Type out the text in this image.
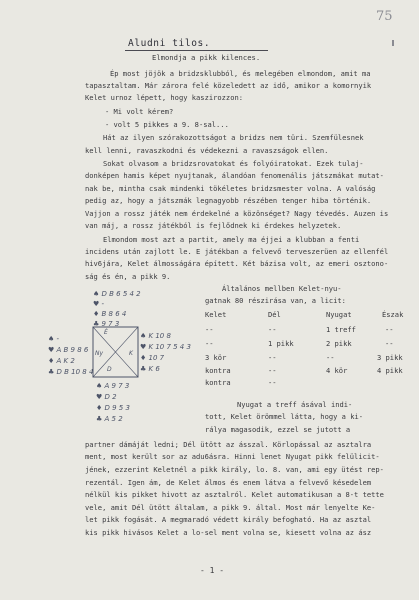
75
Aludni tilos.
Elmondja a pikk kilences.
Ép most jöjök a bridzsklubból, és melegében elmondom, amit ma
tapasztaltam. Már zárora felé közeledett az idő, amikor a komornyik
Kelet urnoz lépett, hogy kaszirozzon:
- Mi volt kérem?
- volt 5 pikkes a 9. 8-sal...
Hát az ilyen szórakozottságot a bridzs nem türi. Szemfülesnek
kell lenni, ravaszkodni és védekezni a ravaszságok ellen.
Sokat olvasom a bridzsrovatokat és folyóiratokat. Ezek tulaj-
donképen hamis képet nyujtanak, álandóan fenomenális játszmákat mutat-
nak be, mintha csak mindenki tökéletes bridzsmester volna. A valóság
pedig az, hogy a játszmák legnagyobb részében tenger hiba történik.
Vajjon a rossz játék nem érdekelné a közönséget? Nagy tévedés. Auzen is
van máj, a rossz játékból is fejlődnek ki érdekes helyzetek.
Elmondom most azt a partit, amely ma éjjei a klubban a fenti
incidens után zajlott le. E játékban a felvevő terveszerüen az ellenfél
hiv6jára, Kelet álmosságára épített. Két bázisa volt, az emeri osztono-
ság és én, a pikk 9.
É
Ny	K
D
♠ D B 6 5 4 2
♥ -
♦ B 8 6 4
♣ 9 7 3
♠ -
♥ A B 9 8 6
♦ A K 2
♣ D B 10 8 4
♠ K 10 8
♥ K 10 7 5 4 3
♦ 10 7
♣ K 6
♠ A 9 7 3
♥ D 2
♦ D 9 5 3
♣ A 5 2
Általános mellben Kelet-nyu-
gatnak 80 részirása van, a licit:
Kelet	Dél	Nyugat	Észak
--	--	1 treff	--
--	1 pikk	2 pikk	--
3 kör	--	--	3 pikk
kontra	--	4 kör	4 pikk
kontra	--
Nyugat a treff ásával indi-
tott, Kelet örömmel látta, hogy a ki-
rálya magasodik, ezzel se jutott a
partner dámáját ledni; Dél ütött az ásszal. Körlopással az asztalra
ment, most került sor az adu6ásra. Hinni lenet Nyugat pikk felülicit-
jének, ezzerint Keletnél a pikk király, lo. 8. van, ami egy ütést rep-
rezentál. Igen ám, de Kelet álmos és enem látva a felvevő késedelem
nélkül kis pikket hivott az asztalról. Kelet automatikusan a 8-t tette
vele, amit Dél ütött általam, a pikk 9. által. Most már lenyelte Ke-
let pikk fogását. A megmaradó védett király befogható. Ha az asztal
kis pikk hivásos Kelet a lo-sel ment volna se, kiesett volna az ász
- 1 -
